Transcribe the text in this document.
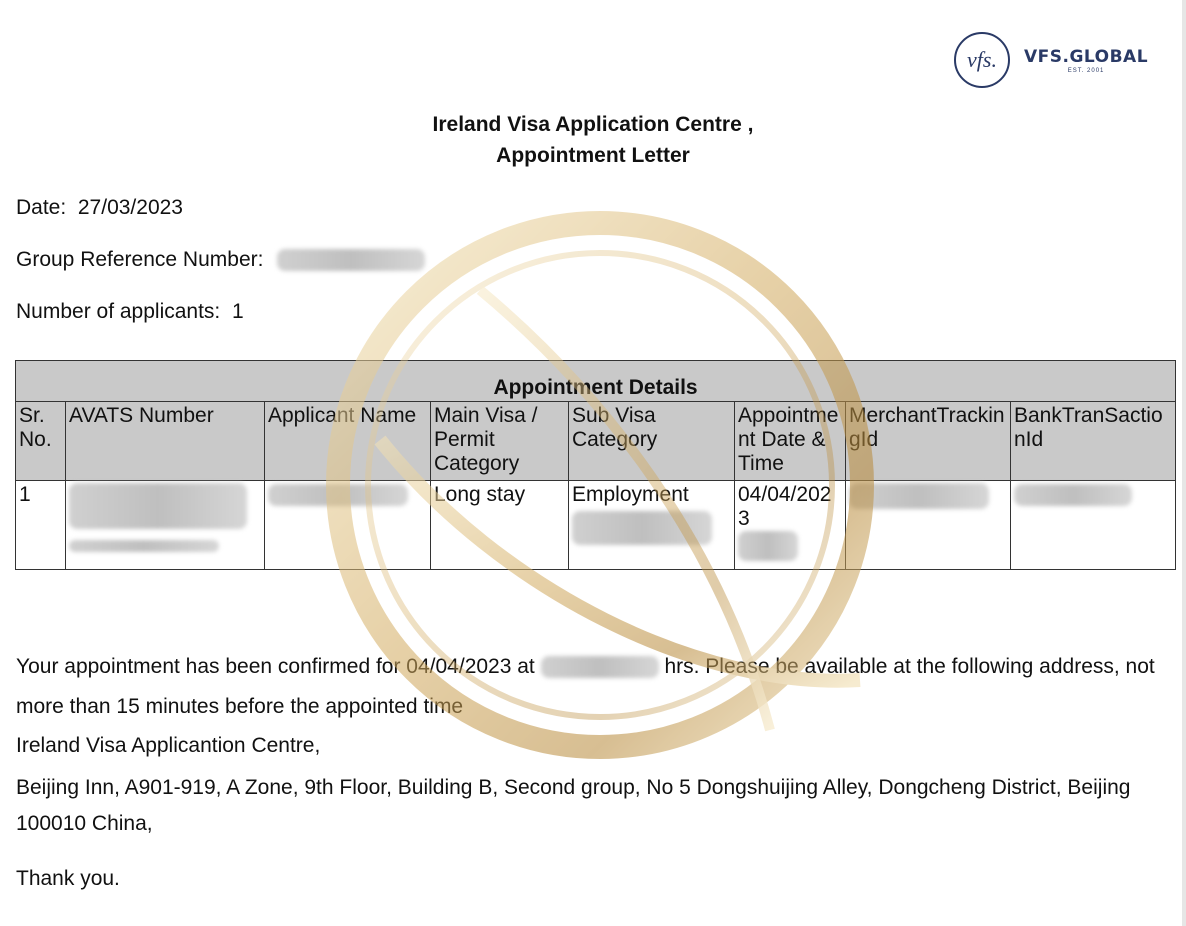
vfs.	VFS.GLOBAL
EST. 2001
Ireland Visa Application Centre ,
Appointment Letter
Date: 27/03/2023
Group Reference Number:
Number of applicants: 1
Appointment Details							
Sr. No.	AVATS Number	Applicant Name	Main Visa / Permit Category	Sub Visa Category	Appointment Date & Time	MerchantTrackingId	BankTranSactionId
1			Long stay	Employment	04/04/2023		

Your appointment has been confirmed for 04/04/2023 at	hrs. Please be available at the following address, not more than 15 minutes before the appointed time
Ireland Visa Applicantion Centre,
Beijing Inn, A901-919, A Zone, 9th Floor, Building B, Second group, No 5 Dongshuijing Alley, Dongcheng District, Beijing 100010 China,
Thank you.
